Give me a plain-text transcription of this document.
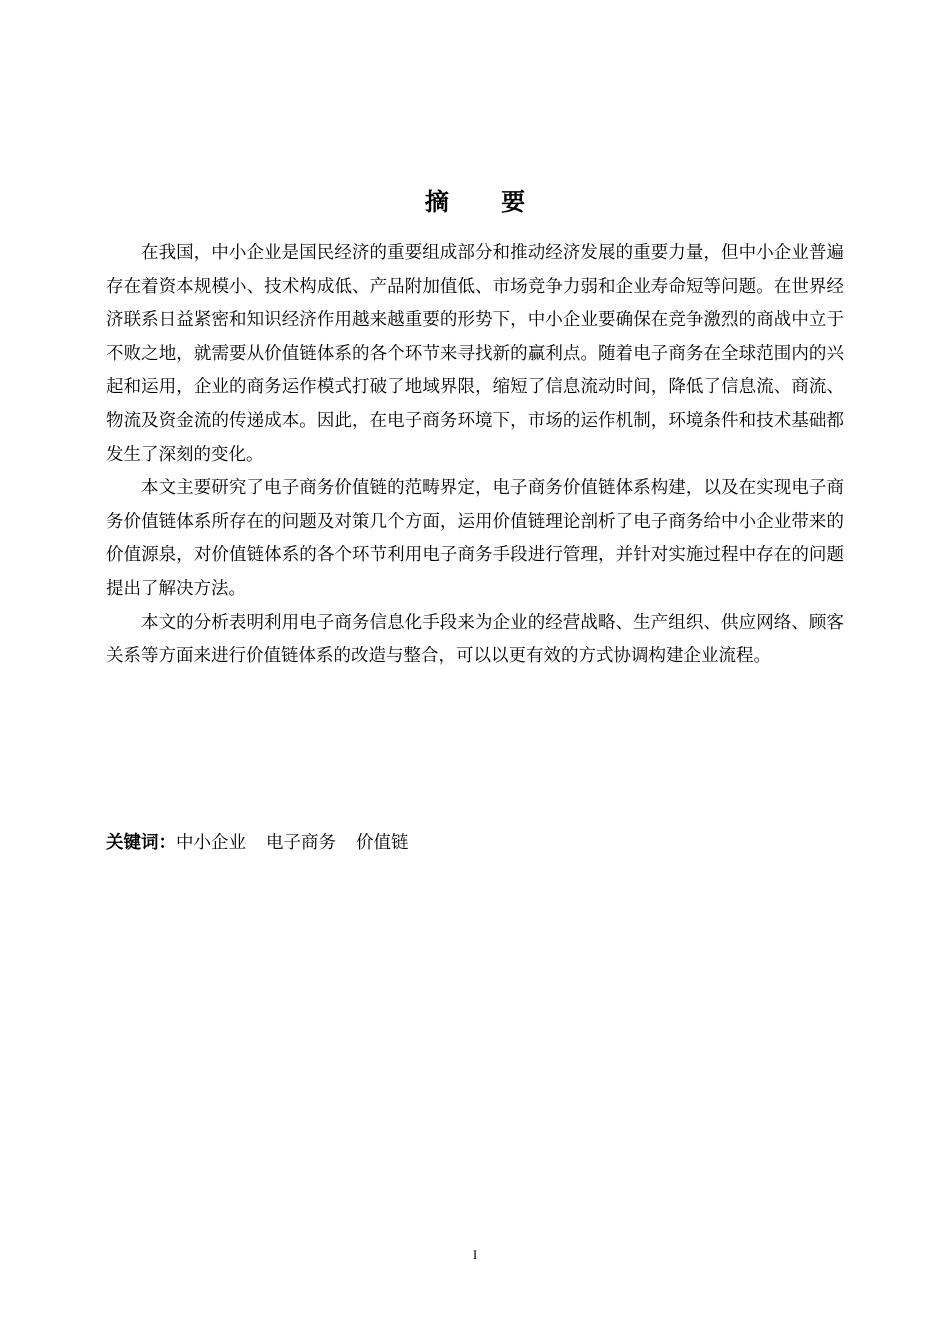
摘 要

在我国，中小企业是国民经济的重要组成部分和推动经济发展的重要力量，但中小企业普遍存在着资本规模小、技术构成低、产品附加值低、市场竞争力弱和企业寿命短等问题。在世界经济联系日益紧密和知识经济作用越来越重要的形势下，中小企业要确保在竞争激烈的商战中立于不败之地，就需要从价值链体系的各个环节来寻找新的赢利点。随着电子商务在全球范围内的兴起和运用，企业的商务运作模式打破了地域界限，缩短了信息流动时间，降低了信息流、商流、物流及资金流的传递成本。因此，在电子商务环境下，市场的运作机制，环境条件和技术基础都发生了深刻的变化。

本文主要研究了电子商务价值链的范畴界定，电子商务价值链体系构建，以及在实现电子商务价值链体系所存在的问题及对策几个方面，运用价值链理论剖析了电子商务给中小企业带来的价值源泉，对价值链体系的各个环节利用电子商务手段进行管理，并针对实施过程中存在的问题提出了解决方法。

本文的分析表明利用电子商务信息化手段来为企业的经营战略、生产组织、供应网络、顾客关系等方面来进行价值链体系的改造与整合，可以以更有效的方式协调构建企业流程。

关键词：中小企业 电子商务 价值链
I
